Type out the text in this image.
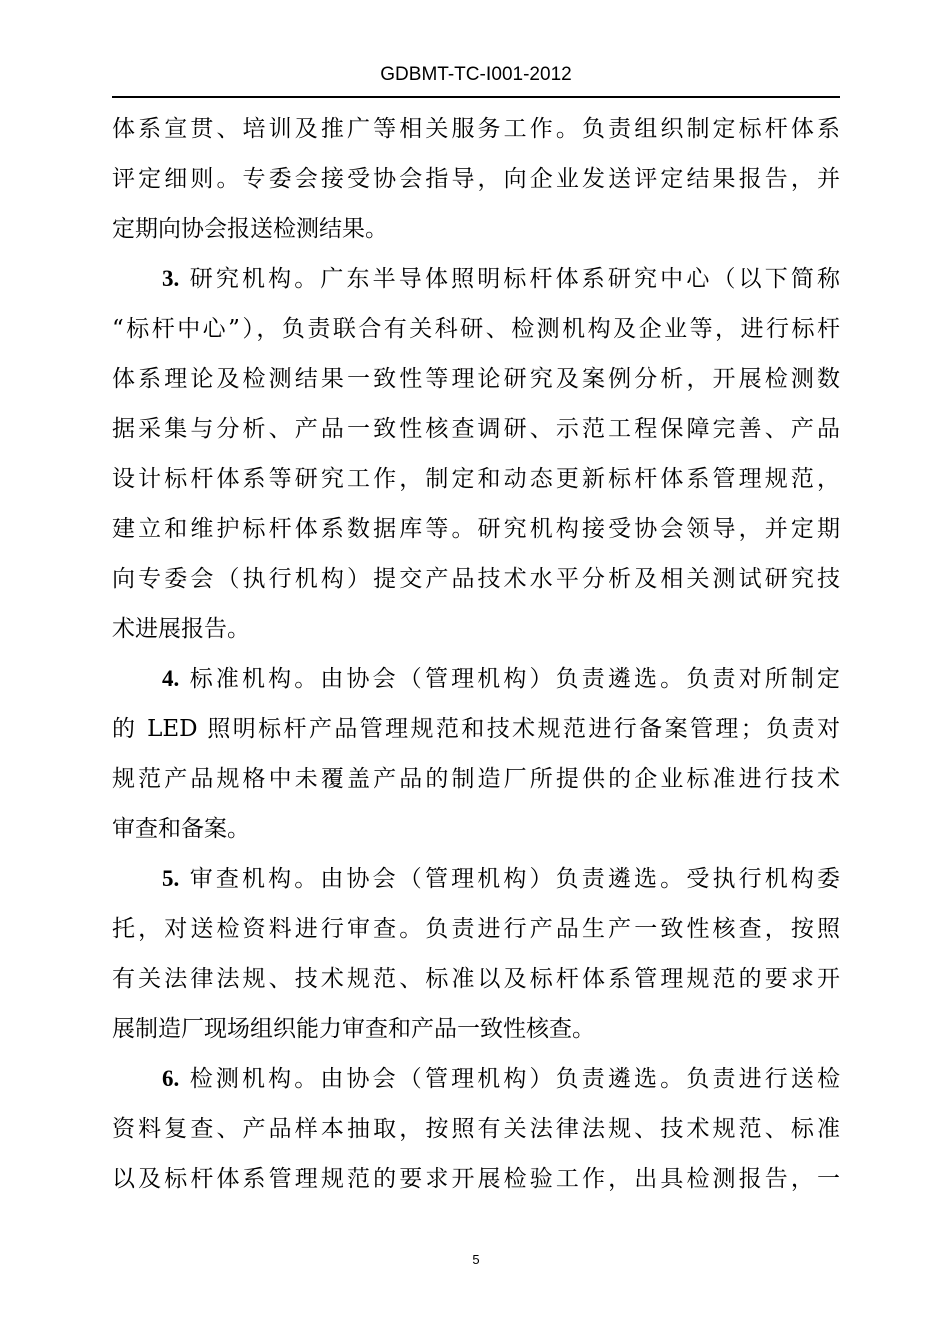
GDBMT-TC-Ⅰ001-2012
体系宣贯、培训及推广等相关服务工作。负责组织制定标杆体系
评定细则。专委会接受协会指导，向企业发送评定结果报告，并
定期向协会报送检测结果。
3. 研究机构。广东半导体照明标杆体系研究中心（以下简称
“标杆中心”），负责联合有关科研、检测机构及企业等，进行标杆
体系理论及检测结果一致性等理论研究及案例分析，开展检测数
据采集与分析、产品一致性核查调研、示范工程保障完善、产品
设计标杆体系等研究工作，制定和动态更新标杆体系管理规范，
建立和维护标杆体系数据库等。研究机构接受协会领导，并定期
向专委会（执行机构）提交产品技术水平分析及相关测试研究技
术进展报告。
4. 标准机构。由协会（管理机构）负责遴选。负责对所制定
的 LED 照明标杆产品管理规范和技术规范进行备案管理；负责对
规范产品规格中未覆盖产品的制造厂所提供的企业标准进行技术
审查和备案。
5. 审查机构。由协会（管理机构）负责遴选。受执行机构委
托，对送检资料进行审查。负责进行产品生产一致性核查，按照
有关法律法规、技术规范、标准以及标杆体系管理规范的要求开
展制造厂现场组织能力审查和产品一致性核查。
6. 检测机构。由协会（管理机构）负责遴选。负责进行送检
资料复查、产品样本抽取，按照有关法律法规、技术规范、标准
以及标杆体系管理规范的要求开展检验工作，出具检测报告，一
5
